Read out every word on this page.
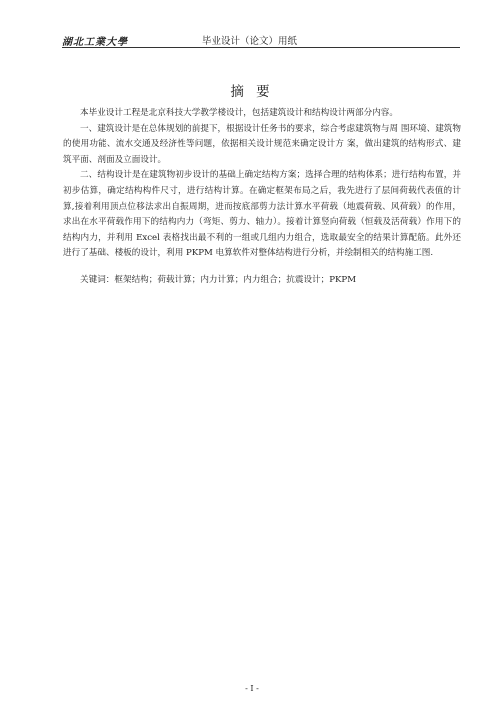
湖北工業大學	毕业设计（论文）用纸
摘 要

本毕业设计工程是北京科技大学教学楼设计，包括建筑设计和结构设计两部分内容。

一、建筑设计是在总体规划的前提下，根据设计任务书的要求，综合考虑建筑物与周 围环境、建筑物的使用功能、流水交通及经济性等问题，依据相关设计规范来确定设计方 案，做出建筑的结构形式、建筑平面、剖面及立面设计。

二、结构设计是在建筑物初步设计的基础上确定结构方案；选择合理的结构体系；进行结构布置，并初步估算，确定结构构件尺寸，进行结构计算。在确定框架布局之后，我先进行了层间荷载代表值的计算,接着利用顶点位移法求出自振周期，进而按底部剪力法计算水平荷载（地震荷载、风荷载）的作用，求出在水平荷载作用下的结构内力（弯矩、剪力、轴力）。接着计算竖向荷载（恒载及活荷载）作用下的结构内力，并利用 Excel 表格找出最不利的一组或几组内力组合，选取最安全的结果计算配筋。此外还进行了基础、楼板的设计，利用 PKPM 电算软件对整体结构进行分析，并绘制相关的结构施工图.

关键词：框架结构；荷载计算；内力计算；内力组合；抗震设计；PKPM
- I -
